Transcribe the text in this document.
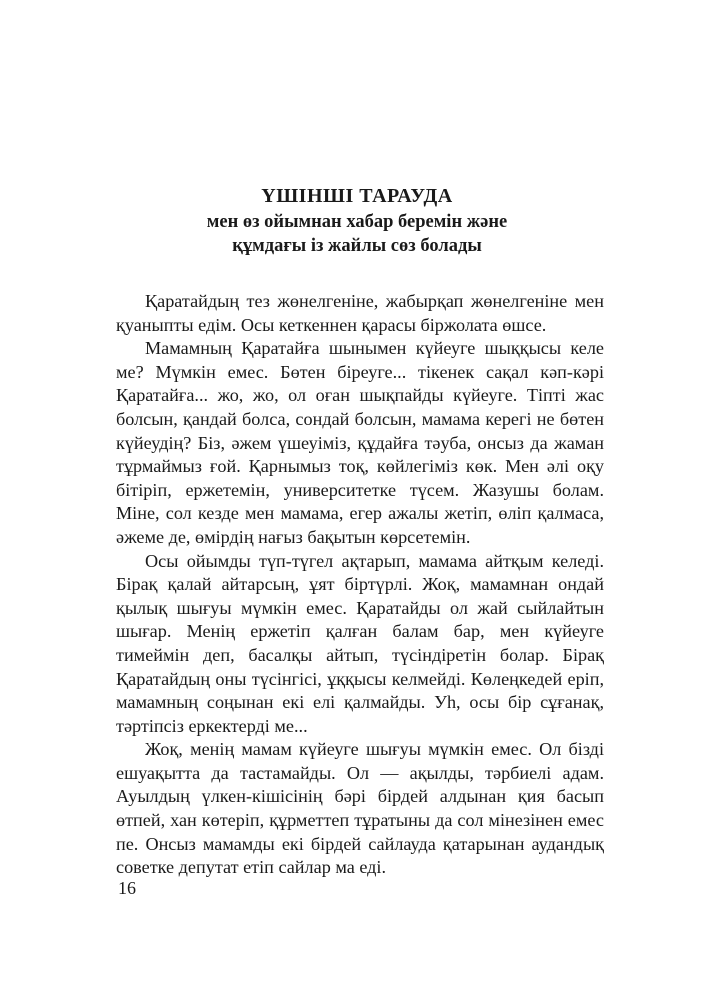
ҮШІНШІ ТАРАУДА
мен өз ойымнан хабар беремін және
құмдағы із жайлы сөз болады

Қаратайдың тез жөнелгеніне, жабырқап жөнелгеніне мен қуаныпты едім. Осы кеткеннен қарасы біржолата өшсе.

Мамамның Қаратайға шынымен күйеуге шыққысы келе ме? Мүмкін емес. Бөтен біреуге... тікенек сақал кәп-кәрі Қаратайға... жо, жо, ол оған шықпайды күйеуге. Тіпті жас болсын, қандай болса, сондай болсын, мамама керегі не бөтен күйеудің? Біз, әжем үшеуіміз, құдайға тәуба, онсыз да жаман тұрмаймыз ғой. Қарнымыз тоқ, көйлегіміз көк. Мен әлі оқу бітіріп, ержетемін, университетке түсем. Жазушы болам. Міне, сол кезде мен мамама, егер ажалы жетіп, өліп қалмаса, әжеме де, өмірдің нағыз бақытын көрсетемін.

Осы ойымды түп-түгел ақтарып, мамама айтқым келеді. Бірақ қалай айтарсың, ұят біртүрлі. Жоқ, мамамнан ондай қылық шығуы мүмкін емес. Қаратайды ол жай сыйлайтын шығар. Менің ержетіп қалған балам бар, мен күйеуге тимеймін деп, басалқы айтып, түсіндіретін болар. Бірақ Қаратайдың оны түсінгісі, ұққысы келмейді. Көлеңкедей еріп, мамамның соңынан екі елі қалмайды. Уһ, осы бір сұғанақ, тәртіпсіз еркектерді ме...

Жоқ, менің мамам күйеуге шығуы мүмкін емес. Ол бізді ешуақытта да тастамайды. Ол — ақылды, тәрбиелі адам. Ауылдың үлкен-кішісінің бәрі бірдей алдынан қия басып өтпей, хан көтеріп, құрметтеп тұратыны да сол мінезінен емес пе. Онсыз мамамды екі бірдей сайлауда қатарынан аудандық советке депутат етіп сайлар ма еді.

16
